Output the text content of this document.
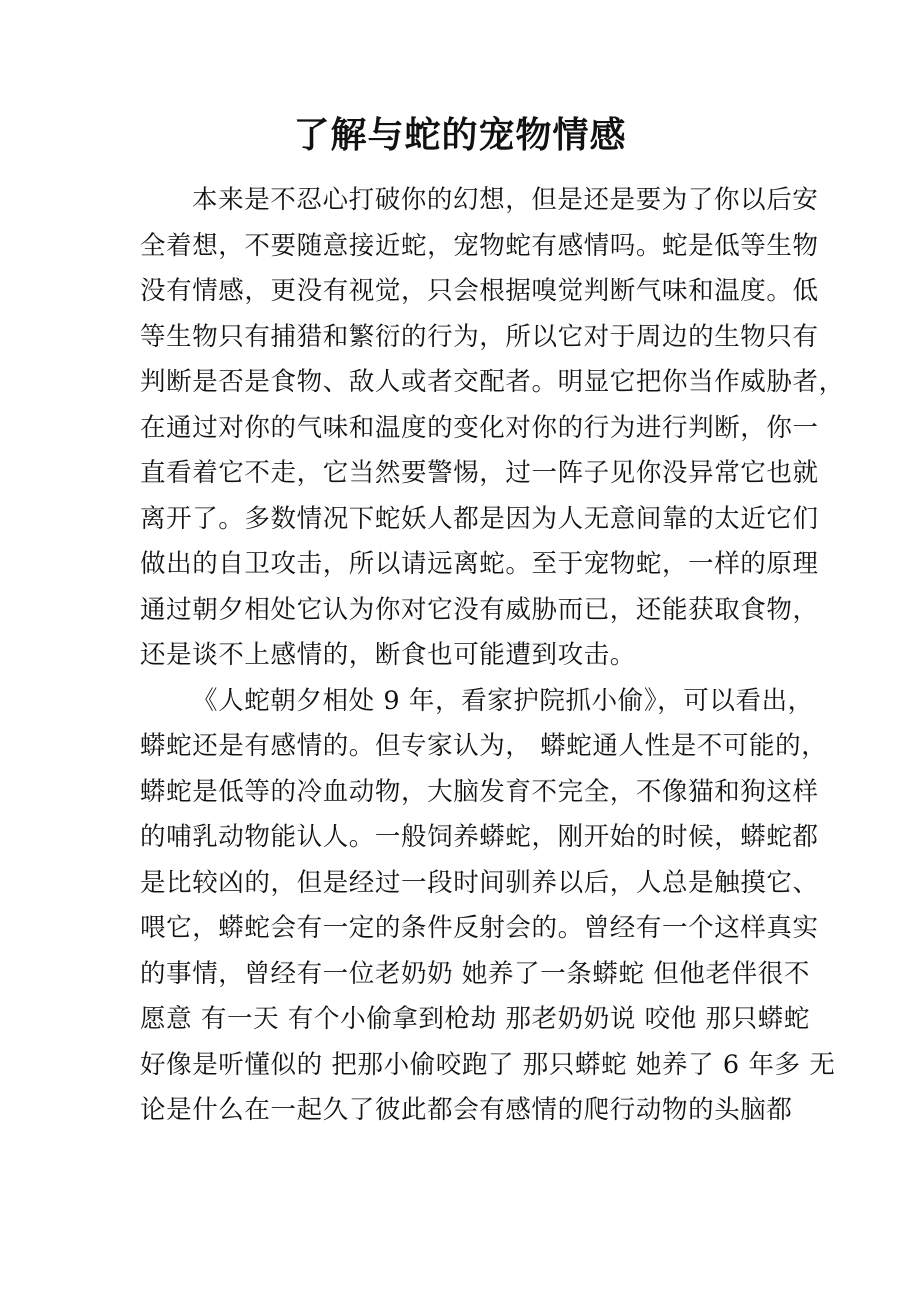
了解与蛇的宠物情感
本来是不忍心打破你的幻想，但是还是要为了你以后安
全着想，不要随意接近蛇，宠物蛇有感情吗。蛇是低等生物
没有情感，更没有视觉，只会根据嗅觉判断气味和温度。低
等生物只有捕猎和繁衍的行为，所以它对于周边的生物只有
判断是否是食物、敌人或者交配者。明显它把你当作威胁者，
在通过对你的气味和温度的变化对你的行为进行判断，你一
直看着它不走，它当然要警惕，过一阵子见你没异常它也就
离开了。多数情况下蛇妖人都是因为人无意间靠的太近它们
做出的自卫攻击，所以请远离蛇。至于宠物蛇，一样的原理
通过朝夕相处它认为你对它没有威胁而已，还能获取食物，
还是谈不上感情的，断食也可能遭到攻击。
《人蛇朝夕相处 9 年，看家护院抓小偷》，可以看出，
蟒蛇还是有感情的。但专家认为， 蟒蛇通人性是不可能的，
蟒蛇是低等的冷血动物，大脑发育不完全，不像猫和狗这样
的哺乳动物能认人。一般饲养蟒蛇，刚开始的时候，蟒蛇都
是比较凶的，但是经过一段时间驯养以后，人总是触摸它、
喂它，蟒蛇会有一定的条件反射会的。曾经有一个这样真实
的事情，曾经有一位老奶奶 她养了一条蟒蛇 但他老伴很不
愿意 有一天 有个小偷拿到枪劫 那老奶奶说 咬他 那只蟒蛇
好像是听懂似的 把那小偷咬跑了 那只蟒蛇 她养了 6 年多 无
论是什么在一起久了彼此都会有感情的爬行动物的头脑都
